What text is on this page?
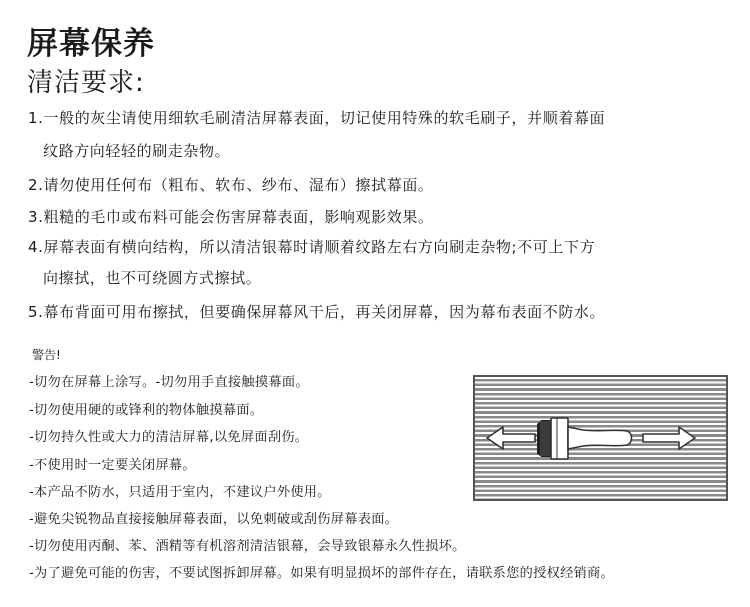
屏幕保养
清洁要求:
1.一般的灰尘请使用细软毛刷清洁屏幕表面，切记使用特殊的软毛刷子，并顺着幕面
纹路方向轻轻的刷走杂物。
2.请勿使用任何布（粗布、软布、纱布、湿布）擦拭幕面。
3.粗糙的毛巾或布料可能会伤害屏幕表面，影响观影效果。
4.屏幕表面有横向结构，所以清洁银幕时请顺着纹路左右方向刷走杂物;不可上下方
向擦拭，也不可绕圆方式擦拭。
5.幕布背面可用布擦拭，但要确保屏幕风干后，再关闭屏幕，因为幕布表面不防水。
警告!
-切勿在屏幕上涂写。-切勿用手直接触摸幕面。
-切勿使用硬的或锋利的物体触摸幕面。
-切勿持久性或大力的清洁屏幕,以免屏面刮伤。
-不使用时一定要关闭屏幕。
-本产品不防水，只适用于室内，不建议户外使用。
-避免尖锐物品直接接触屏幕表面，以免刺破或刮伤屏幕表面。
-切勿使用丙酮、苯、酒精等有机溶剂清洁银幕，会导致银幕永久性损坏。
-为了避免可能的伤害，不要试图拆卸屏幕。如果有明显损坏的部件存在，请联系您的授权经销商。
